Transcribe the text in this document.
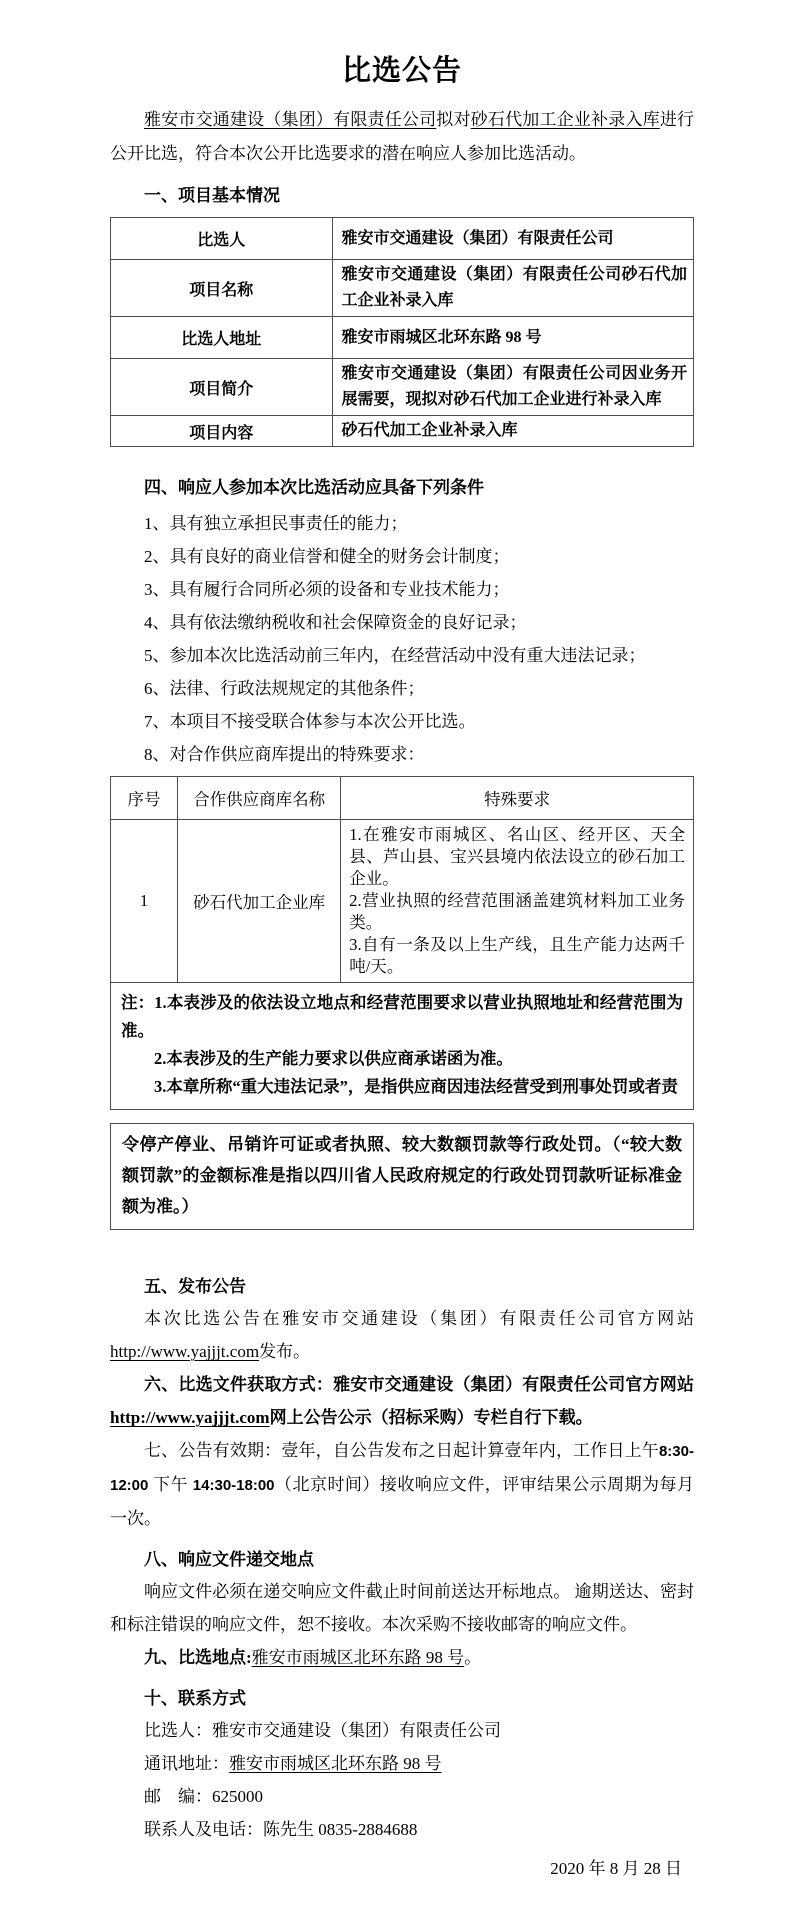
比选公告

雅安市交通建设（集团）有限责任公司拟对砂石代加工企业补录入库进行公开比选，符合本次公开比选要求的潜在响应人参加比选活动。

一、项目基本情况

比选人	雅安市交通建设（集团）有限责任公司
项目名称	雅安市交通建设（集团）有限责任公司砂石代加工企业补录入库
比选人地址	雅安市雨城区北环东路 98 号
项目简介	雅安市交通建设（集团）有限责任公司因业务开展需要，现拟对砂石代加工企业进行补录入库
项目内容	砂石代加工企业补录入库

四、响应人参加本次比选活动应具备下列条件

1、具有独立承担民事责任的能力；

2、具有良好的商业信誉和健全的财务会计制度；

3、具有履行合同所必须的设备和专业技术能力；

4、具有依法缴纳税收和社会保障资金的良好记录；

5、参加本次比选活动前三年内，在经营活动中没有重大违法记录；

6、法律、行政法规规定的其他条件；

7、本项目不接受联合体参与本次公开比选。

8、对合作供应商库提出的特殊要求：

序号	合作供应商库名称	特殊要求
1	砂石代加工企业库	1.在雅安市雨城区、名山区、经开区、天全县、芦山县、宝兴县境内依法设立的砂石加工企业。
2.营业执照的经营范围涵盖建筑材料加工业务类。
3.自有一条及以上生产线，且生产能力达两千吨/天。

注：1.本表涉及的依法设立地点和经营范围要求以营业执照地址和经营范围为准。

2.本表涉及的生产能力要求以供应商承诺函为准。

3.本章所称“重大违法记录”，是指供应商因违法经营受到刑事处罚或者责		

令停产停业、吊销许可证或者执照、较大数额罚款等行政处罚。（“较大数额罚款”的金额标准是指以四川省人民政府规定的行政处罚罚款听证标准金额为准。）

五、发布公告

本次比选公告在雅安市交通建设（集团）有限责任公司官方网站http://www.yajjjt.com发布。

六、比选文件获取方式：雅安市交通建设（集团）有限责任公司官方网站http://www.yajjjt.com网上公告公示（招标采购）专栏自行下载。

七、公告有效期：壹年，自公告发布之日起计算壹年内，工作日上午8:30-12:00 下午 14:30-18:00（北京时间）接收响应文件，评审结果公示周期为每月一次。

八、响应文件递交地点

响应文件必须在递交响应文件截止时间前送达开标地点。 逾期送达、密封和标注错误的响应文件，恕不接收。本次采购不接收邮寄的响应文件。

九、比选地点:雅安市雨城区北环东路 98 号。

十、联系方式

比选人：雅安市交通建设（集团）有限责任公司

通讯地址：雅安市雨城区北环东路 98 号

邮　编：625000

联系人及电话：陈先生 0835-2884688

2020 年 8 月 28 日
